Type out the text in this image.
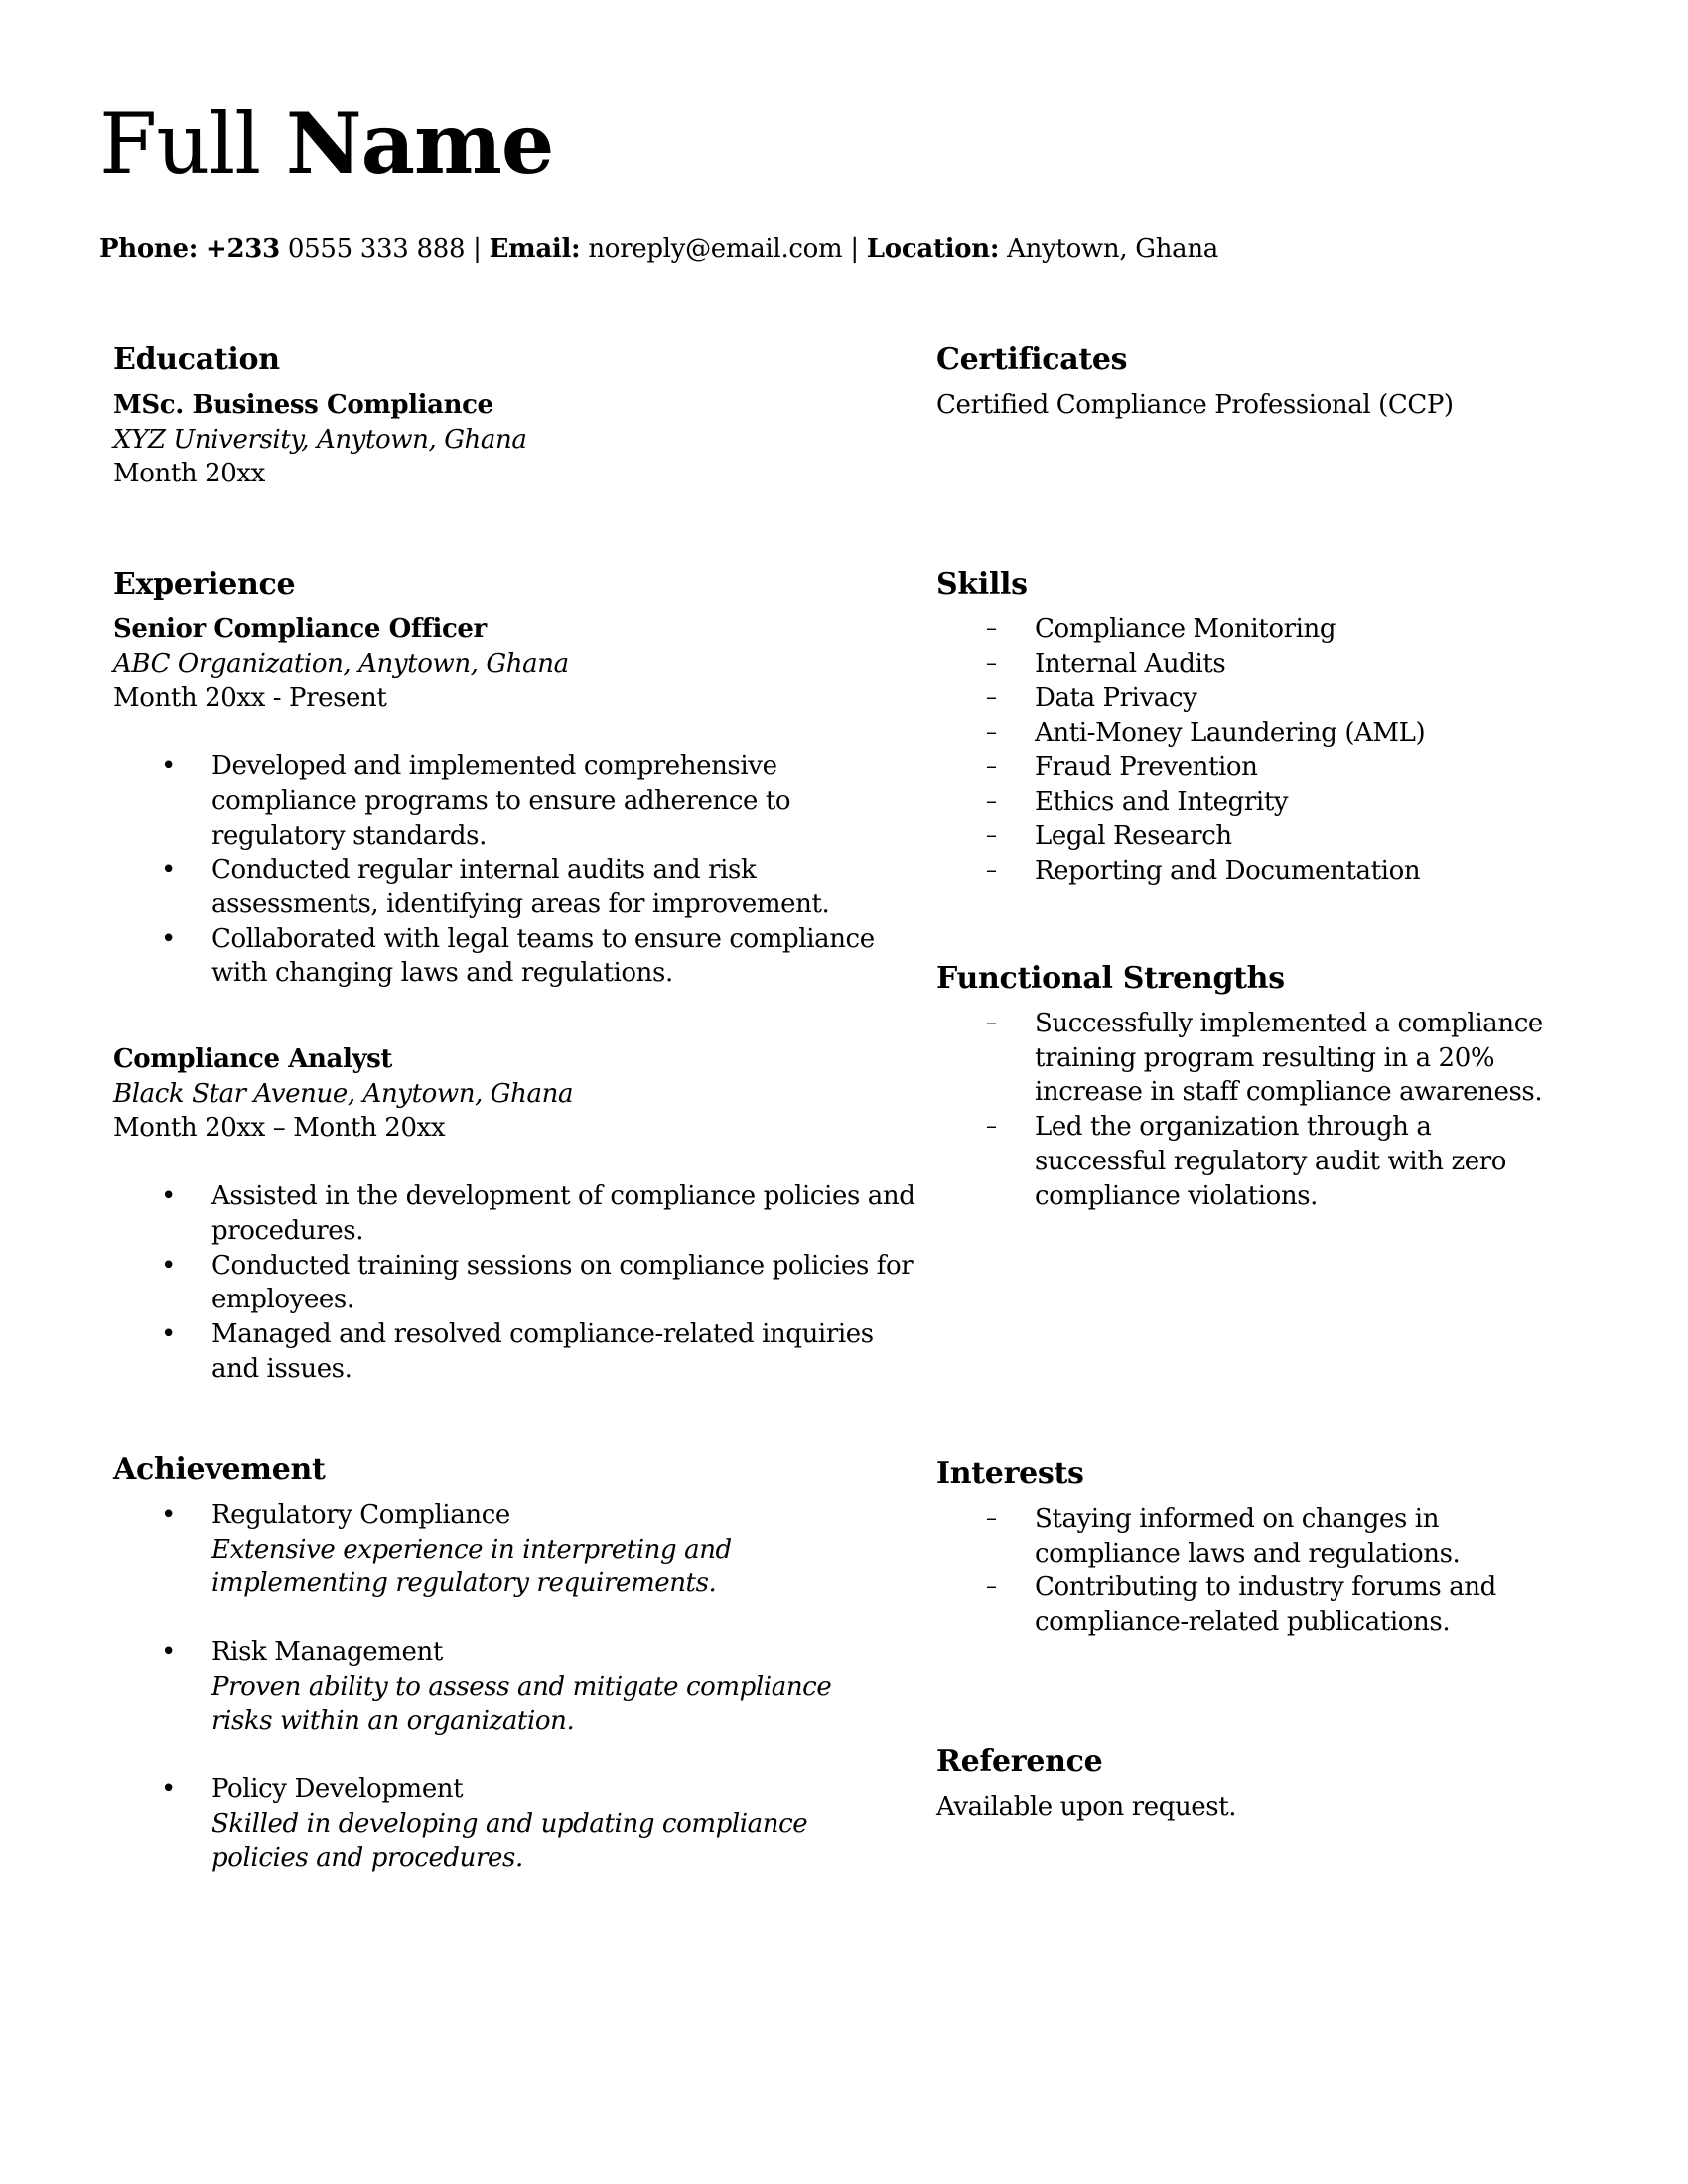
Full Name
Phone: +233 0555 333 888 | Email: noreply@email.com | Location: Anytown, Ghana
Education
MSc. Business Compliance
XYZ University, Anytown, Ghana
Month 20xx
Experience
Senior Compliance Officer
ABC Organization, Anytown, Ghana
Month 20xx - Present
• Developed and implemented comprehensive compliance programs to ensure adherence to regulatory standards.
• Conducted regular internal audits and risk assessments, identifying areas for improvement.
• Collaborated with legal teams to ensure compliance with changing laws and regulations.
Compliance Analyst
Black Star Avenue, Anytown, Ghana
Month 20xx – Month 20xx
• Assisted in the development of compliance policies and procedures.
• Conducted training sessions on compliance policies for employees.
• Managed and resolved compliance-related inquiries and issues.
Achievement
• Regulatory Compliance
Extensive experience in interpreting and implementing regulatory requirements.
• Risk Management
Proven ability to assess and mitigate compliance risks within an organization.
• Policy Development
Skilled in developing and updating compliance policies and procedures.
Certificates
Certified Compliance Professional (CCP)
Skills
– Compliance Monitoring
– Internal Audits
– Data Privacy
– Anti-Money Laundering (AML)
– Fraud Prevention
– Ethics and Integrity
– Legal Research
– Reporting and Documentation
Functional Strengths
– Successfully implemented a compliance training program resulting in a 20% increase in staff compliance awareness.
– Led the organization through a successful regulatory audit with zero compliance violations.
Interests
– Staying informed on changes in compliance laws and regulations.
– Contributing to industry forums and compliance-related publications.
Reference
Available upon request.
